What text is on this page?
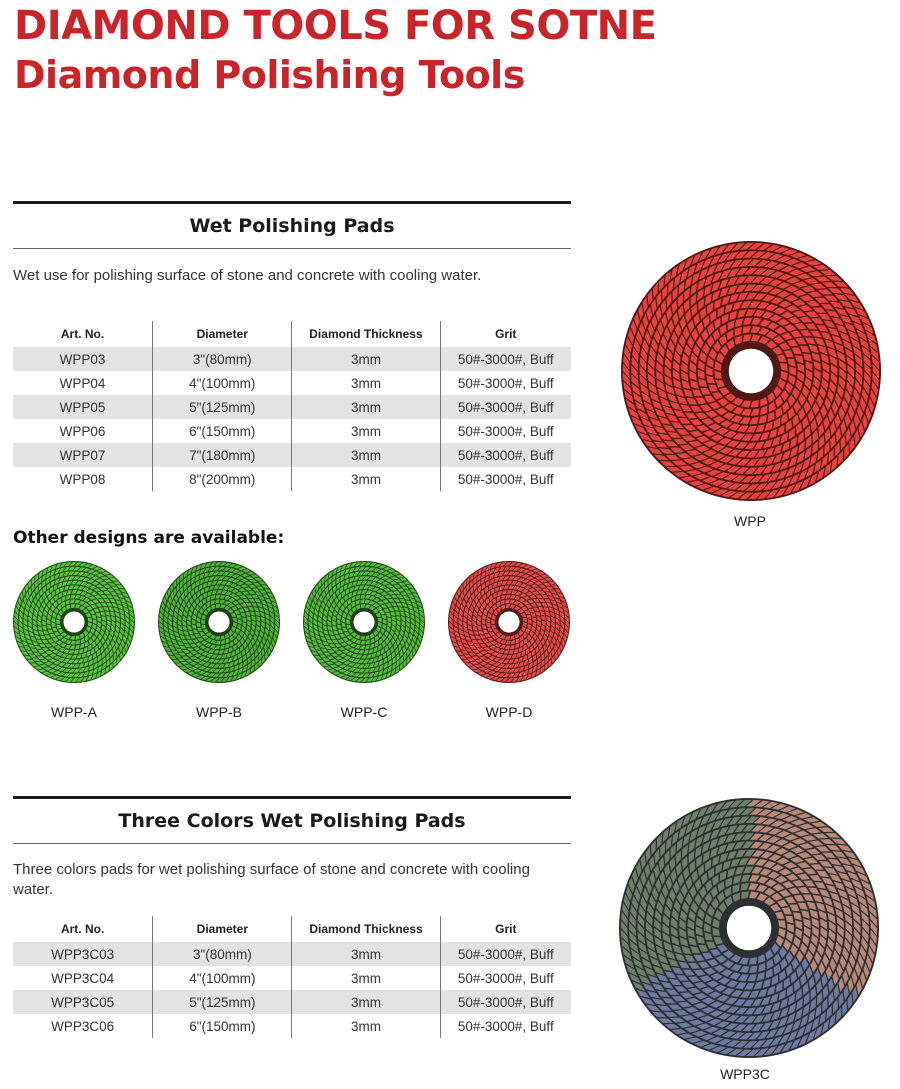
DIAMOND TOOLS FOR SOTNE
Diamond Polishing Tools
Wet Polishing Pads
Wet use for polishing surface of stone and concrete with cooling water.
Art. No.	Diameter	Diamond Thickness	Grit
WPP03	3"(80mm)	3mm	50#-3000#, Buff
WPP04	4"(100mm)	3mm	50#-3000#, Buff
WPP05	5"(125mm)	3mm	50#-3000#, Buff
WPP06	6"(150mm)	3mm	50#-3000#, Buff
WPP07	7"(180mm)	3mm	50#-3000#, Buff
WPP08	8"(200mm)	3mm	50#-3000#, Buff
WPP
Other designs are available:
WPP-A	WPP-B	WPP-C	WPP-D
Three Colors Wet Polishing Pads
Three colors pads for wet polishing surface of stone and concrete with cooling water.
Art. No.	Diameter	Diamond Thickness	Grit
WPP3C03	3"(80mm)	3mm	50#-3000#, Buff
WPP3C04	4"(100mm)	3mm	50#-3000#, Buff
WPP3C05	5"(125mm)	3mm	50#-3000#, Buff
WPP3C06	6"(150mm)	3mm	50#-3000#, Buff
WPP3C
